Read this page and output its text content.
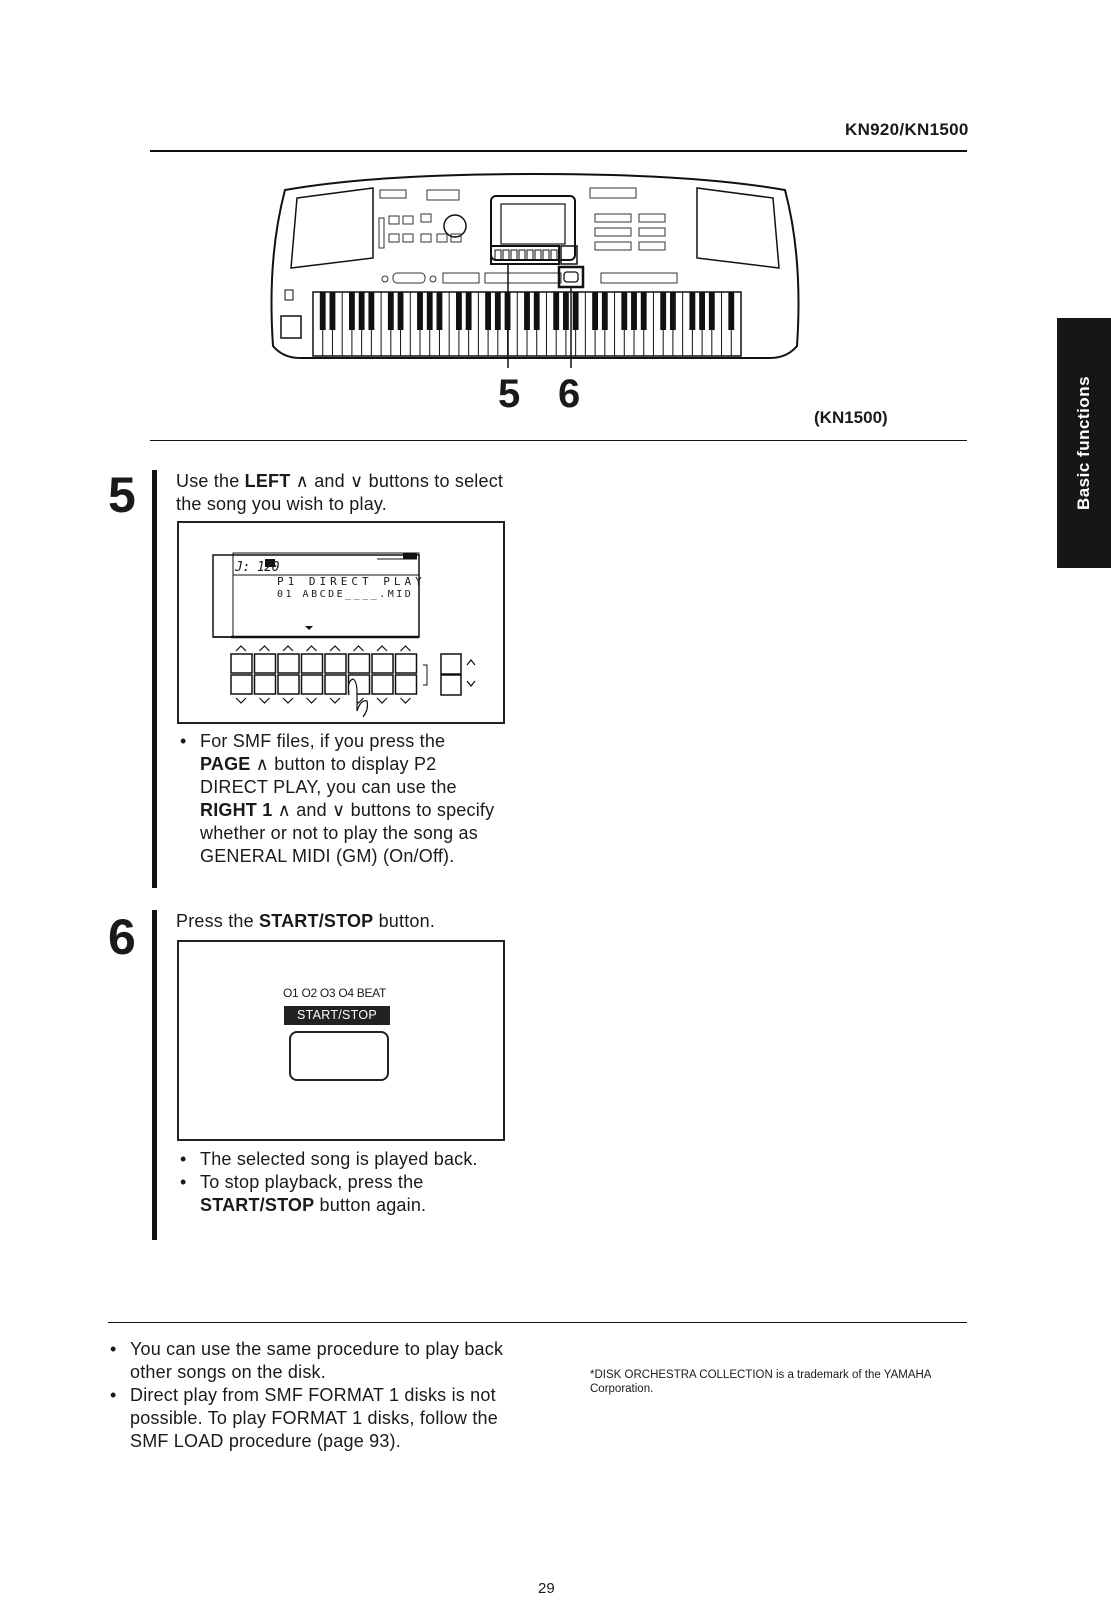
KN920/KN1500
Basic functions
5 6
(KN1500)
5 Use the LEFT ∧ and ∨ buttons to select the song you wish to play.
J: 120
P1 DIRECT PLAY
01 ABCDE____.MID
• For SMF files, if you press the PAGE ∧ button to display P2 DIRECT PLAY, you can use the RIGHT 1 ∧ and ∨ buttons to specify whether or not to play the song as GENERAL MIDI (GM) (On/Off).
6 Press the START/STOP button.
O1 O2 O3 O4 BEAT
START/STOP
• The selected song is played back.
• To stop playback, press the START/STOP button again.
• You can use the same procedure to play back other songs on the disk.
• Direct play from SMF FORMAT 1 disks is not possible. To play FORMAT 1 disks, follow the SMF LOAD procedure (page 93).
*DISK ORCHESTRA COLLECTION is a trademark of the YAMAHA Corporation.
29
